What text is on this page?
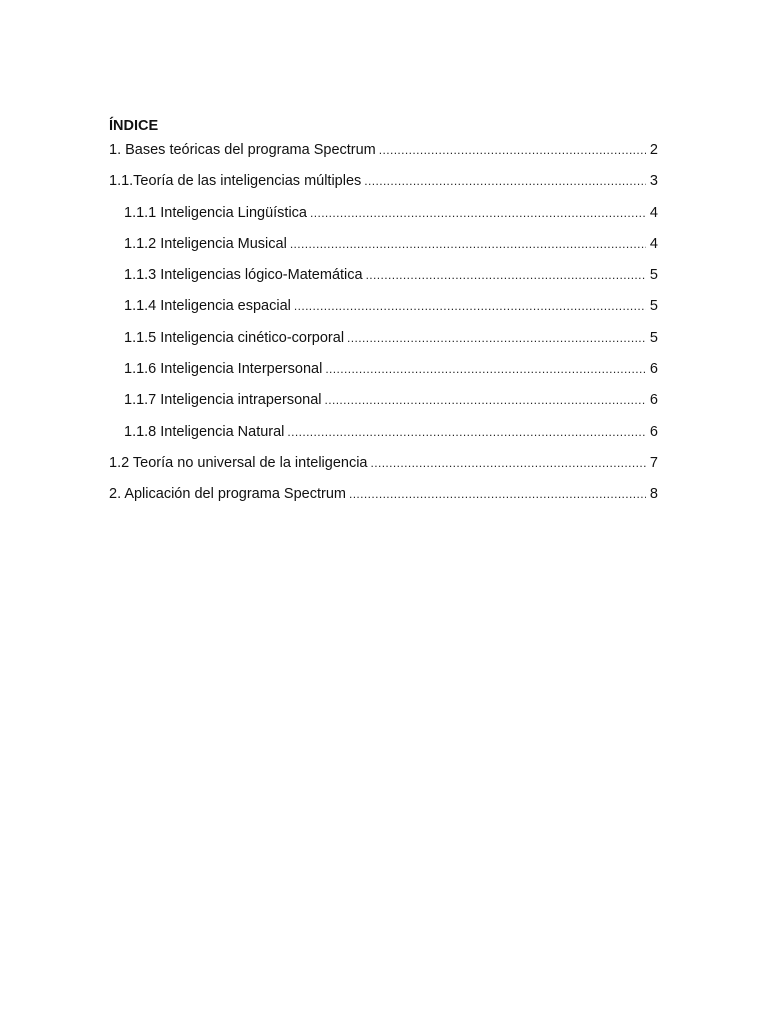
ÍNDICE
1. Bases teóricas del programa Spectrum .....	2
1.1.Teoría de las inteligencias múltiples .....	3
1.1.1 Inteligencia Lingüística .....	4
1.1.2 Inteligencia Musical .....	4
1.1.3 Inteligencias lógico-Matemática .....	5
1.1.4 Inteligencia espacial .....	5
1.1.5 Inteligencia cinético-corporal .....	5
1.1.6 Inteligencia Interpersonal .....	6
1.1.7 Inteligencia intrapersonal .....	6
1.1.8 Inteligencia Natural .....	6
1.2 Teoría no universal de la inteligencia .....	7
2. Aplicación del programa Spectrum .....	8
